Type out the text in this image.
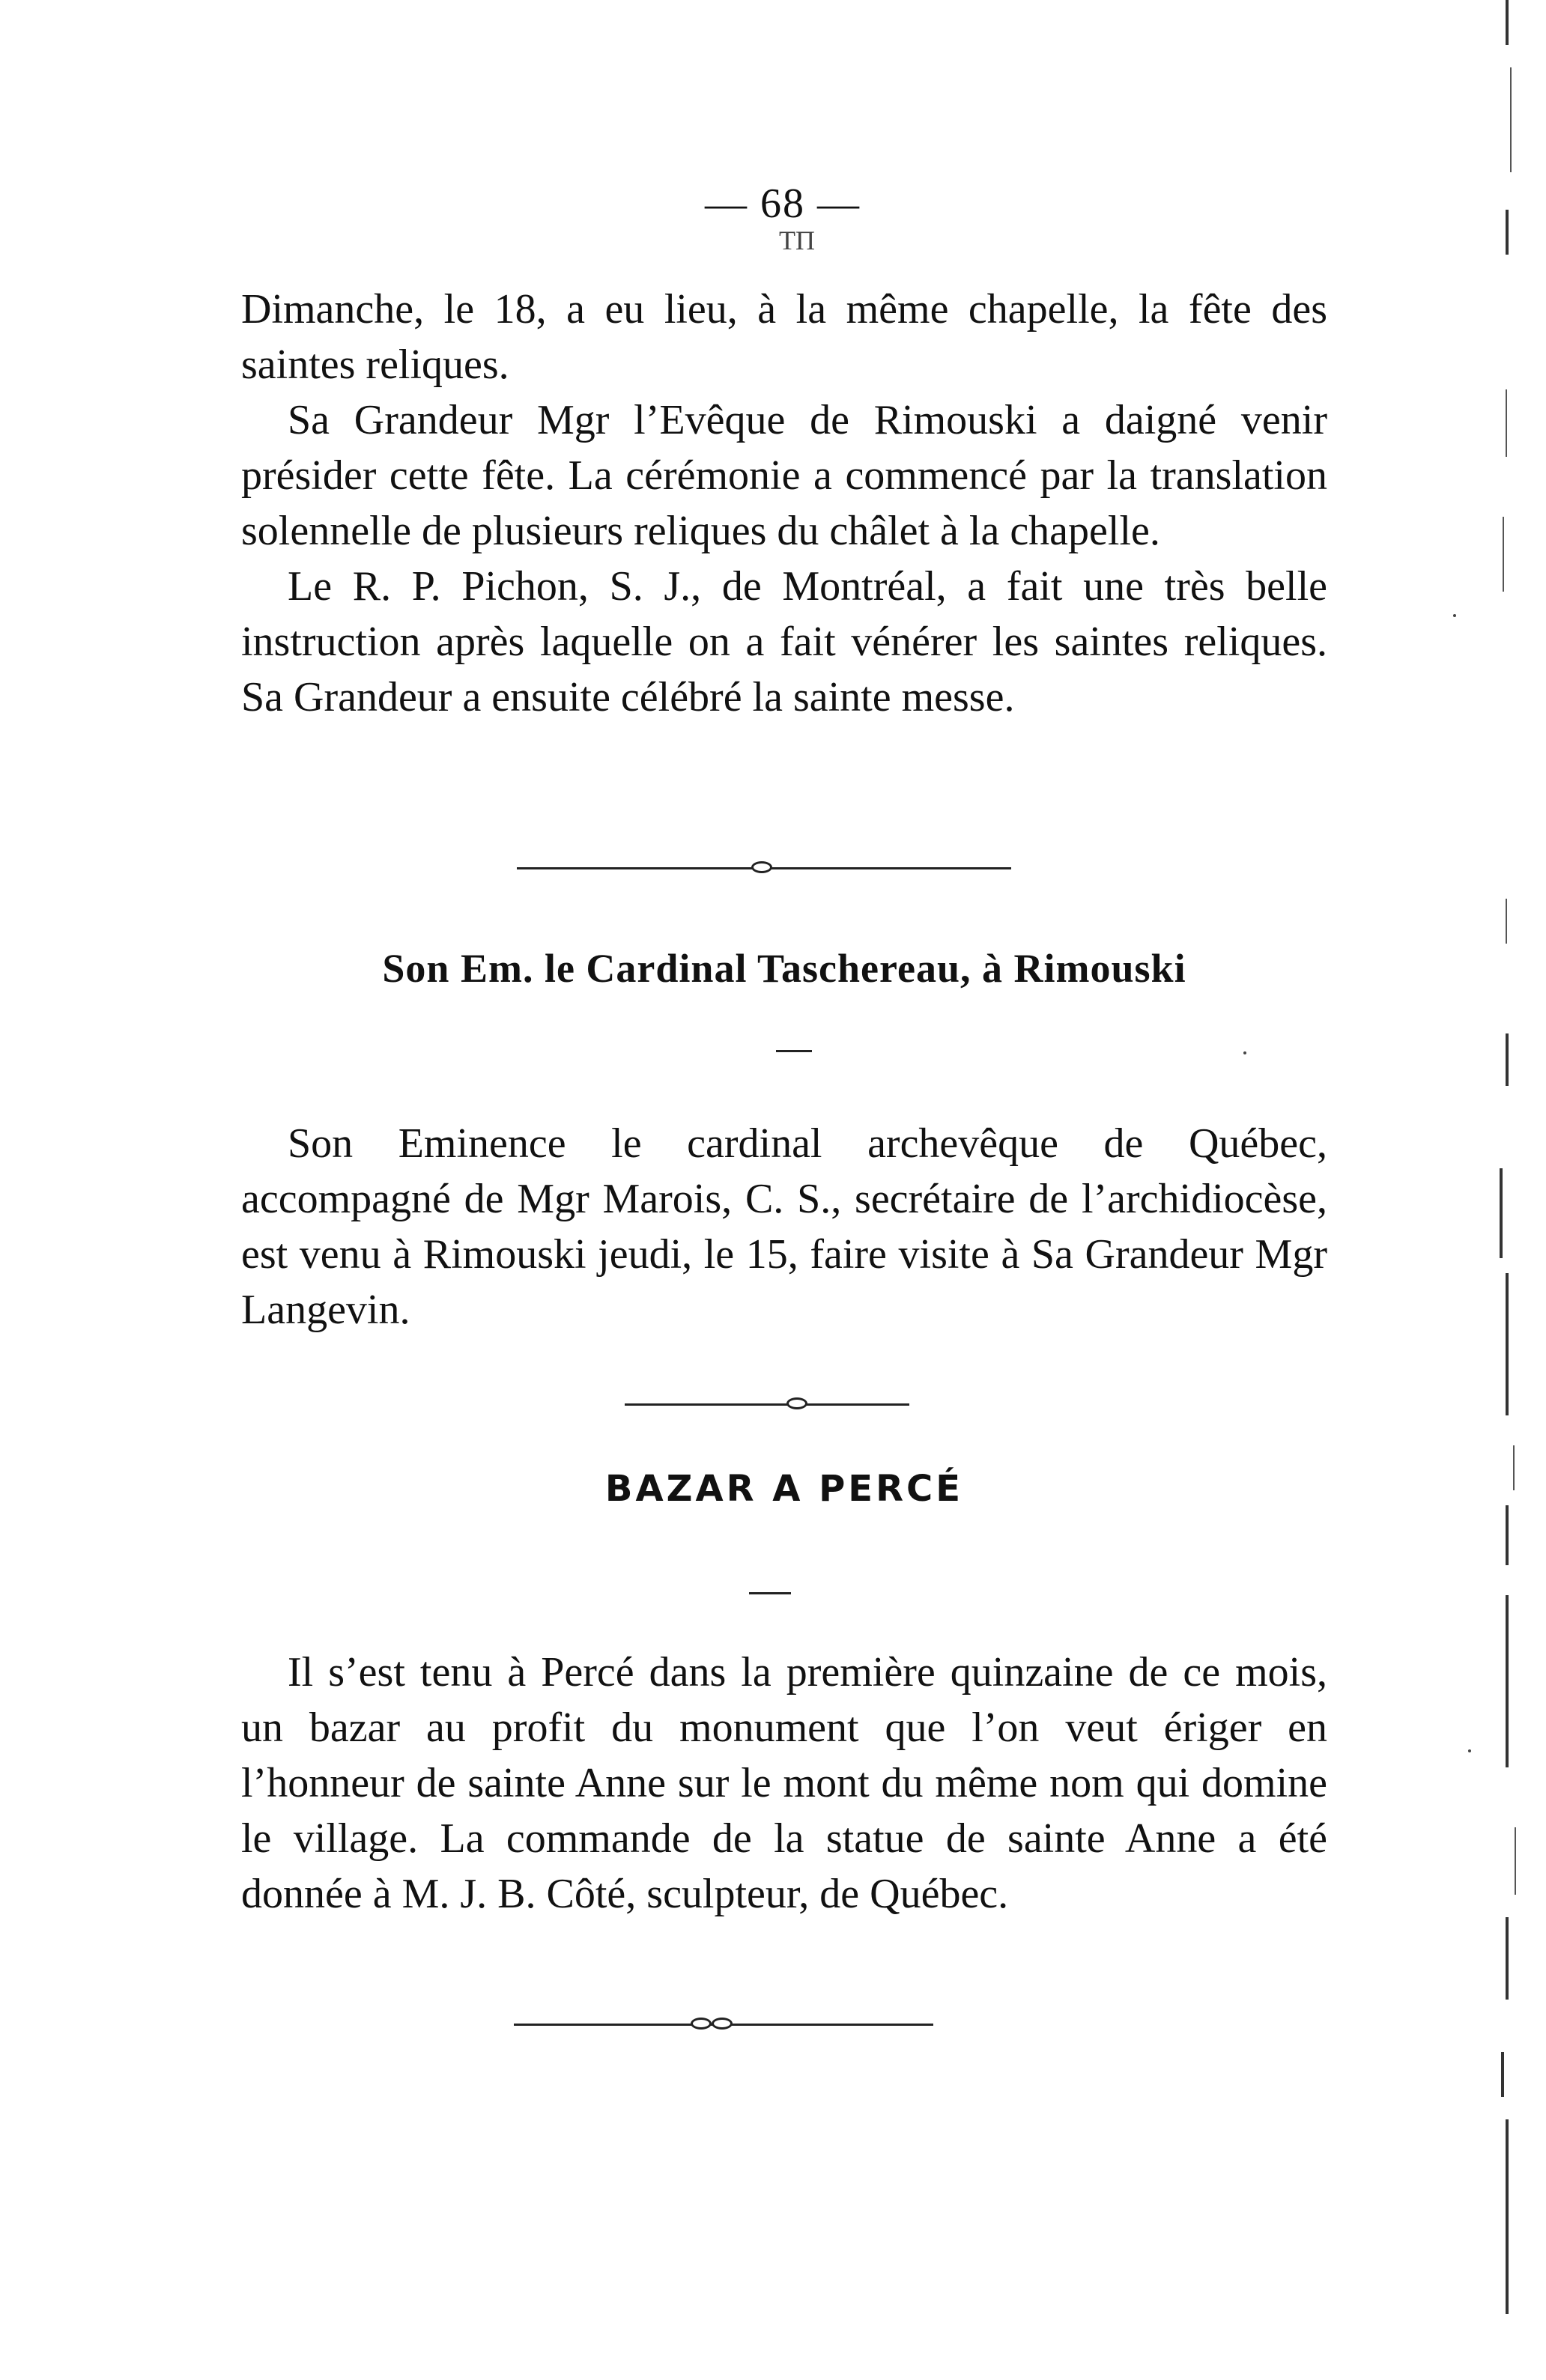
— 68 —
TΠ

Dimanche, le 18, a eu lieu, à la même chapelle, la fête des saintes reliques.

Sa Grandeur Mgr l’Evêque de Rimouski a daigné venir présider cette fête. La cérémonie a commencé par la translation solennelle de plusieurs reliques du châlet à la chapelle.

Le R. P. Pichon, S. J., de Montréal, a fait une très belle instruction après laquelle on a fait vénérer les saintes reliques. Sa Grandeur a ensuite célébré la sainte messe.

Son Em. le Cardinal Taschereau, à Rimouski

Son Eminence le cardinal archevêque de Québec, accompagné de Mgr Marois, C. S., secrétaire de l’archidiocèse, est venu à Rimouski jeudi, le 15, faire visite à Sa Grandeur Mgr Langevin.

BAZAR A PERCÉ

Il s’est tenu à Percé dans la première quinzaine de ce mois, un bazar au profit du monument que l’on veut ériger en l’honneur de sainte Anne sur le mont du même nom qui domine le village. La commande de la statue de sainte Anne a été donnée à M. J. B. Côté, sculpteur, de Québec.
